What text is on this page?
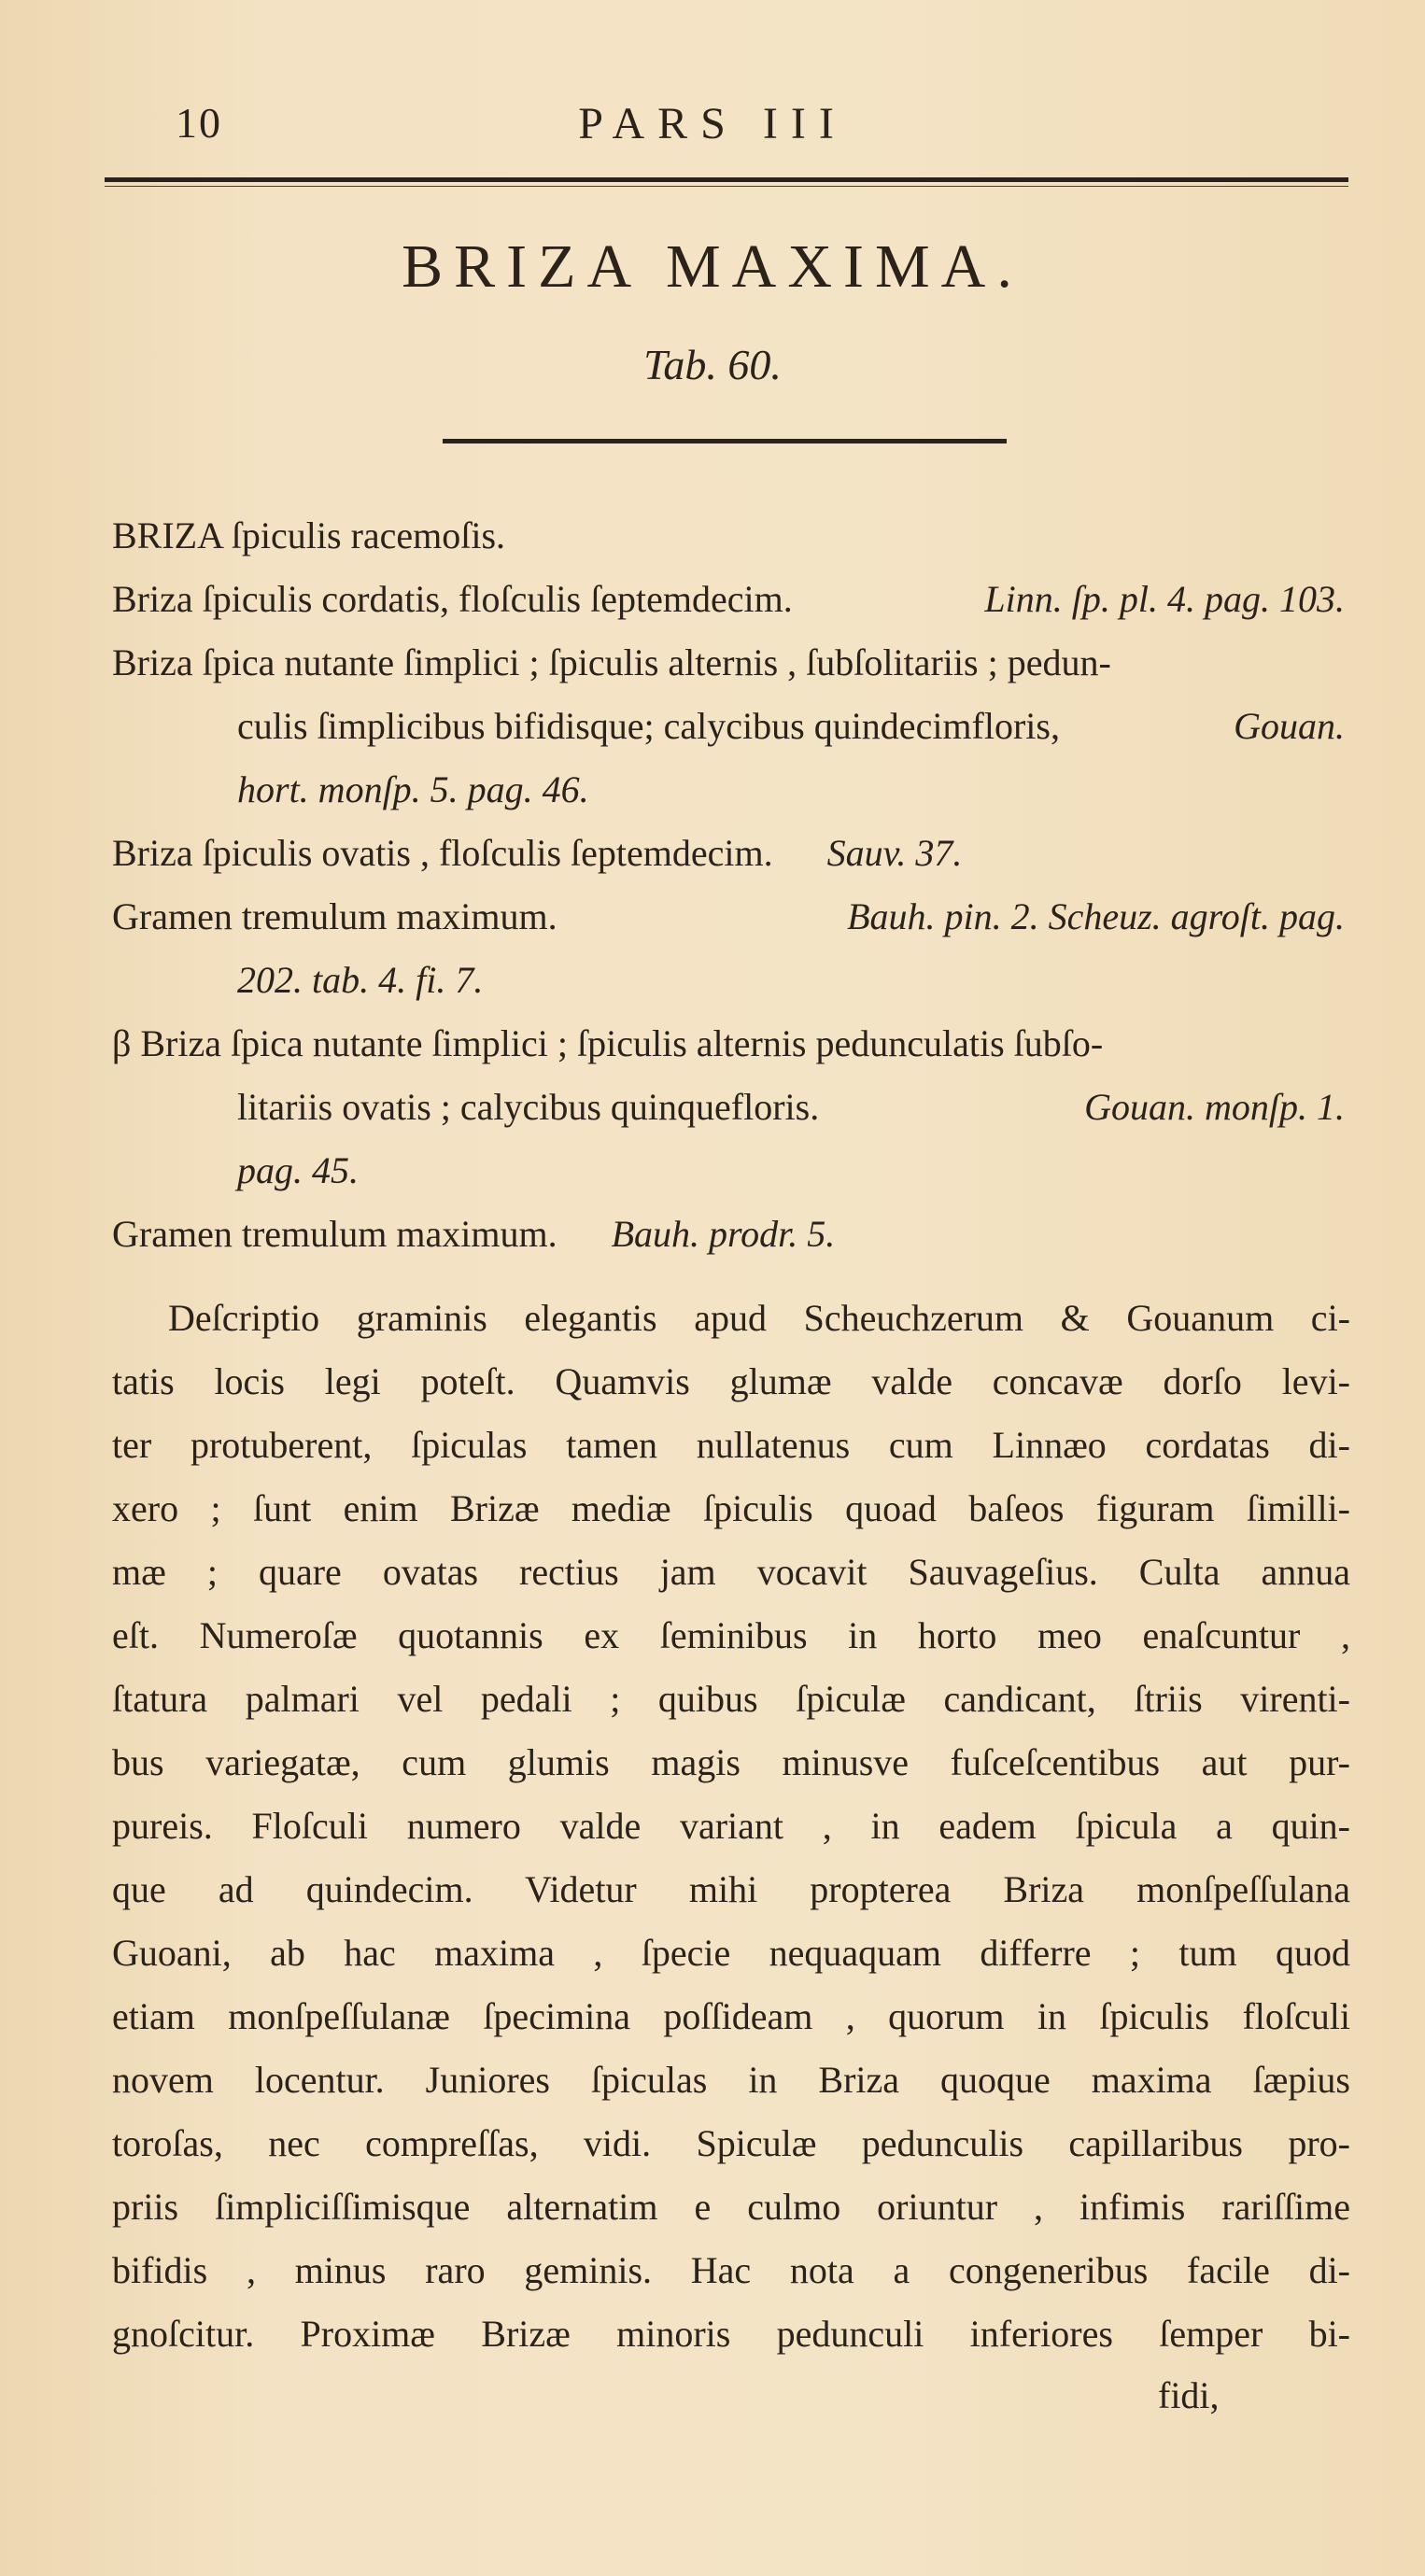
10	PARS III
BRIZA MAXIMA.
Tab. 60.
BRIZA ſpiculis racemoſis.
Briza ſpiculis cordatis, floſculis ſeptemdecim.	Linn. ſp. pl. 4. pag. 103.
Briza ſpica nutante ſimplici ; ſpiculis alternis , ſubſolitariis ; pedun-
culis ſimplicibus bifidisque; calycibus quindecimfloris,	Gouan.
hort. monſp. 5. pag. 46.
Briza ſpiculis ovatis , floſculis ſeptemdecim. Sauv. 37.
Gramen tremulum maximum.	Bauh. pin. 2. Scheuz. agroſt. pag.
202. tab. 4. fi. 7.
β Briza ſpica nutante ſimplici ; ſpiculis alternis pedunculatis ſubſo-
litariis ovatis ; calycibus quinquefloris.	Gouan. monſp. 1.
pag. 45.
Gramen tremulum maximum. Bauh. prodr. 5.
Deſcriptio graminis elegantis apud Scheuchzerum & Gouanum ci-
tatis locis legi poteſt. Quamvis glumæ valde concavæ dorſo levi-
ter protuberent, ſpiculas tamen nullatenus cum Linnæo cordatas di-
xero ; ſunt enim Brizæ mediæ ſpiculis quoad baſeos figuram ſimilli-
mæ ; quare ovatas rectius jam vocavit Sauvageſius. Culta annua
eſt. Numeroſæ quotannis ex ſeminibus in horto meo enaſcuntur ,
ſtatura palmari vel pedali ; quibus ſpiculæ candicant, ſtriis virenti-
bus variegatæ, cum glumis magis minusve fuſceſcentibus aut pur-
pureis. Floſculi numero valde variant , in eadem ſpicula a quin-
que ad quindecim. Videtur mihi propterea Briza monſpeſſulana
Guoani, ab hac maxima , ſpecie nequaquam differre ; tum quod
etiam monſpeſſulanæ ſpecimina poſſideam , quorum in ſpiculis floſculi
novem locentur. Juniores ſpiculas in Briza quoque maxima ſæpius
toroſas, nec compreſſas, vidi. Spiculæ pedunculis capillaribus pro-
priis ſimpliciſſimisque alternatim e culmo oriuntur , infimis rariſſime
bifidis , minus raro geminis. Hac nota a congeneribus facile di-
gnoſcitur. Proximæ Brizæ minoris pedunculi inferiores ſemper bi-
fidi,
